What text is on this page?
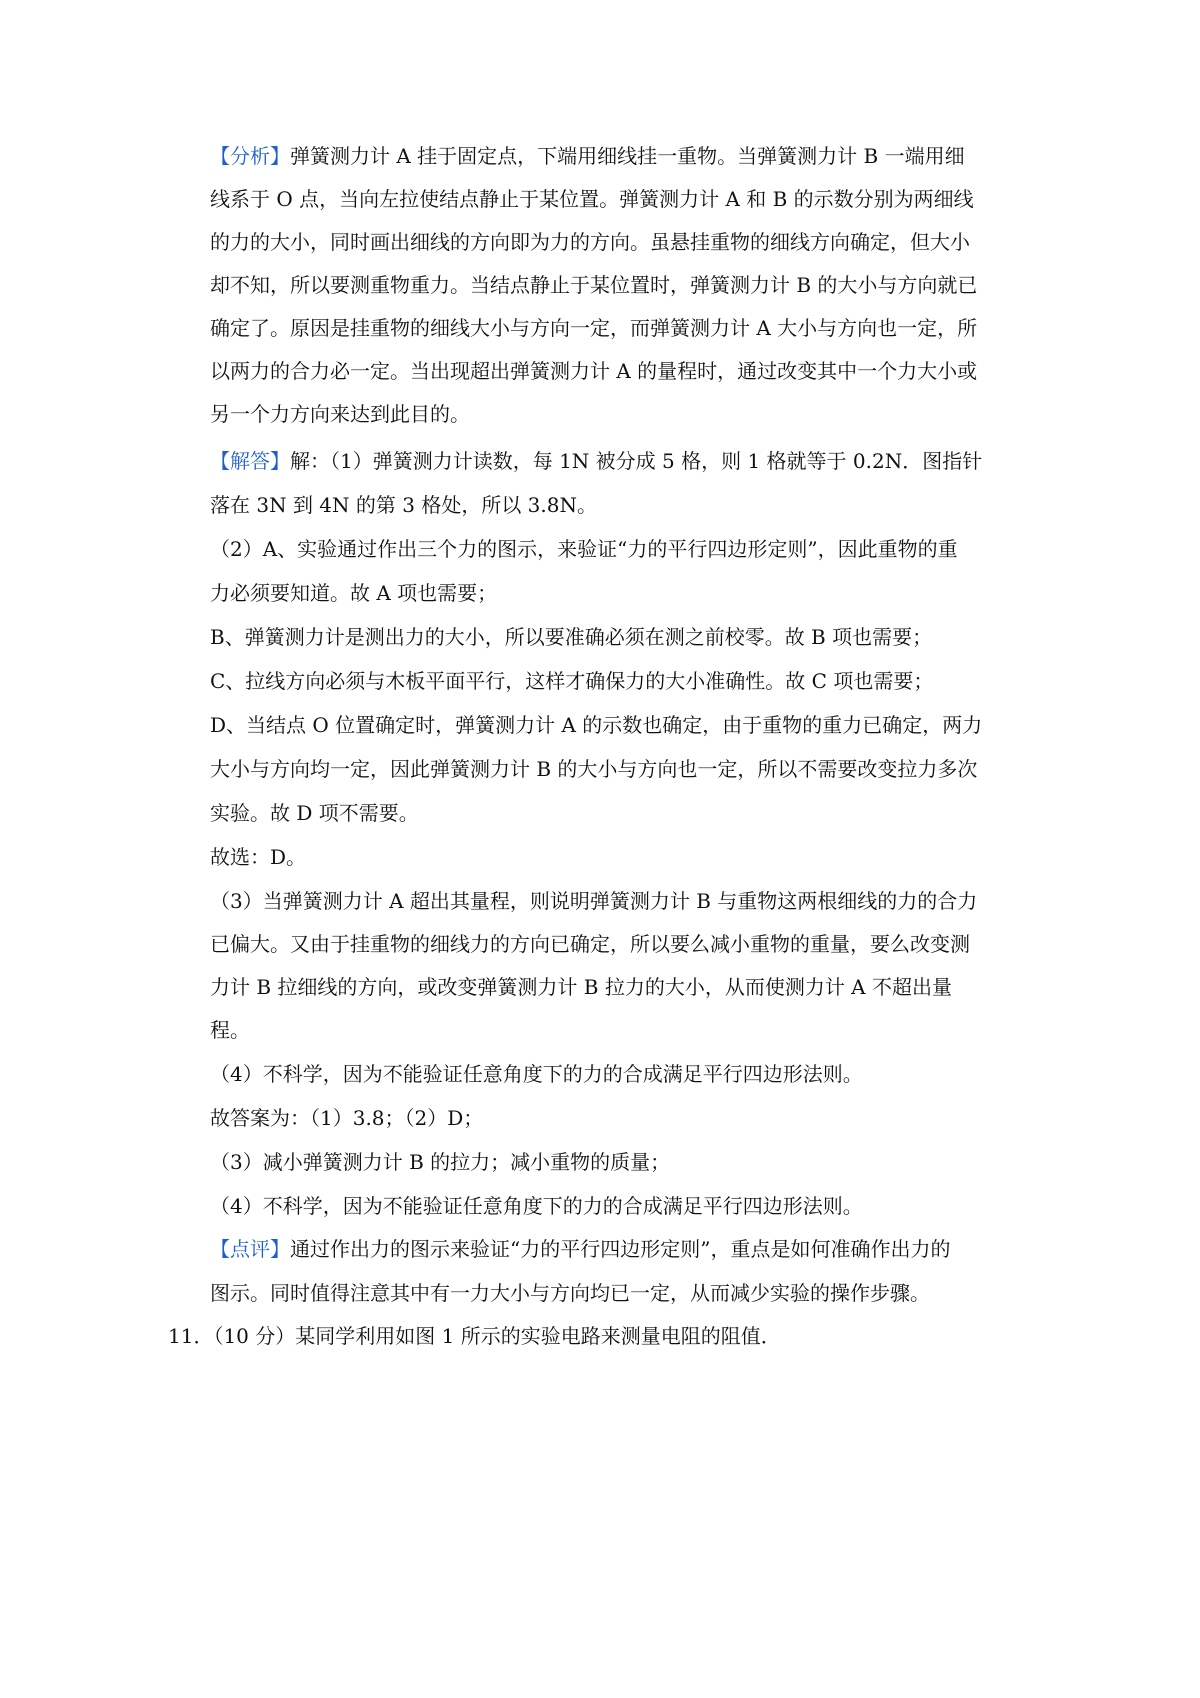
【分析】弹簧测力计 A 挂于固定点，下端用细线挂一重物。当弹簧测力计 B 一端用细
线系于 O 点，当向左拉使结点静止于某位置。弹簧测力计 A 和 B 的示数分别为两细线
的力的大小，同时画出细线的方向即为力的方向。虽悬挂重物的细线方向确定，但大小
却不知，所以要测重物重力。当结点静止于某位置时，弹簧测力计 B 的大小与方向就已
确定了。原因是挂重物的细线大小与方向一定，而弹簧测力计 A 大小与方向也一定，所
以两力的合力必一定。当出现超出弹簧测力计 A 的量程时，通过改变其中一个力大小或
另一个力方向来达到此目的。
【解答】解：（1）弹簧测力计读数，每 1N 被分成 5 格，则 1 格就等于 0.2N．图指针
落在 3N 到 4N 的第 3 格处，所以 3.8N。
（2）A、实验通过作出三个力的图示，来验证“力的平行四边形定则”，因此重物的重
力必须要知道。故 A 项也需要；
B、弹簧测力计是测出力的大小，所以要准确必须在测之前校零。故 B 项也需要；
C、拉线方向必须与木板平面平行，这样才确保力的大小准确性。故 C 项也需要；
D、当结点 O 位置确定时，弹簧测力计 A 的示数也确定，由于重物的重力已确定，两力
大小与方向均一定，因此弹簧测力计 B 的大小与方向也一定，所以不需要改变拉力多次
实验。故 D 项不需要。
故选：D。
（3）当弹簧测力计 A 超出其量程，则说明弹簧测力计 B 与重物这两根细线的力的合力
已偏大。又由于挂重物的细线力的方向已确定，所以要么减小重物的重量，要么改变测
力计 B 拉细线的方向，或改变弹簧测力计 B 拉力的大小，从而使测力计 A 不超出量
程。
（4）不科学，因为不能验证任意角度下的力的合成满足平行四边形法则。
故答案为：（1）3.8；（2）D；
（3）减小弹簧测力计 B 的拉力；减小重物的质量；
（4）不科学，因为不能验证任意角度下的力的合成满足平行四边形法则。
【点评】通过作出力的图示来验证“力的平行四边形定则”，重点是如何准确作出力的
图示。同时值得注意其中有一力大小与方向均已一定，从而减少实验的操作步骤。
11．（10 分）某同学利用如图 1 所示的实验电路来测量电阻的阻值．
